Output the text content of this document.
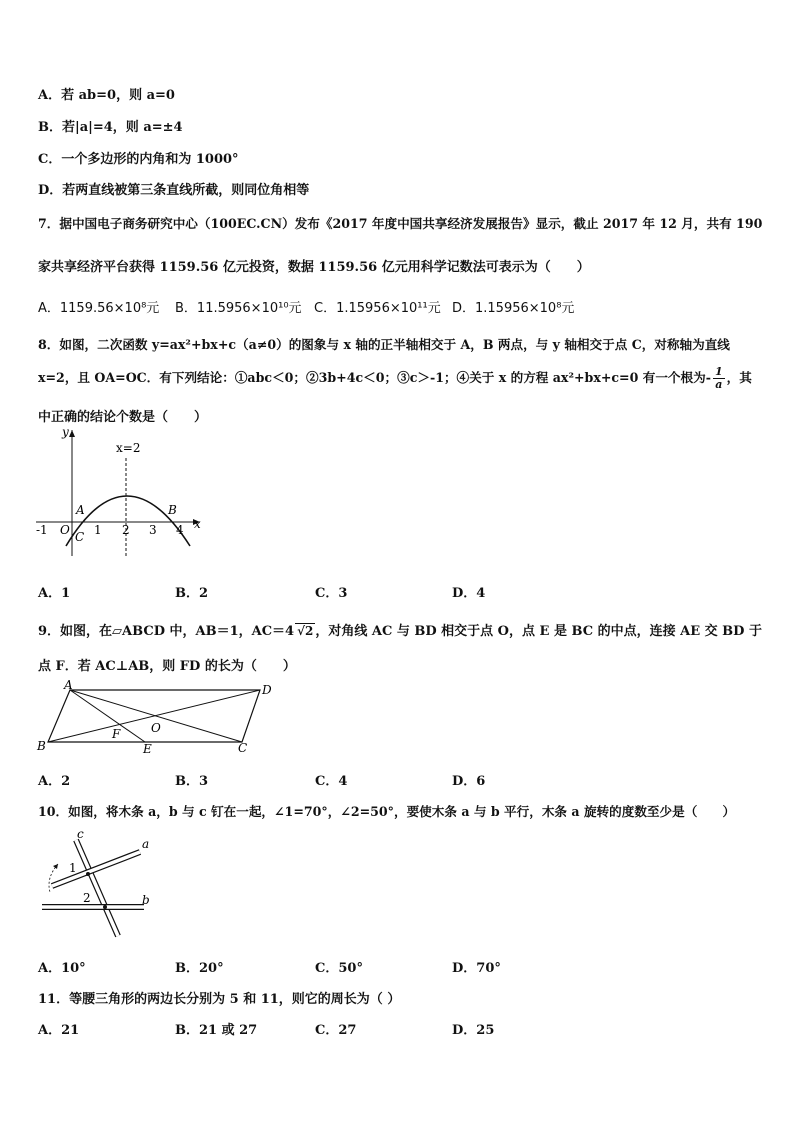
A．若 ab=0，则 a=0
B．若|a|=4，则 a=±4
C．一个多边形的内角和为 1000°
D．若两直线被第三条直线所截，则同位角相等
7．据中国电子商务研究中心（100EC.CN）发布《2017 年度中国共享经济发展报告》显示，截止 2017 年 12 月，共有 190
家共享经济平台获得 1159.56 亿元投资，数据 1159.56 亿元用科学记数法可表示为（　　）
A．1159.56×10⁸元 B．11.5956×10¹⁰元 C．1.15956×10¹¹元 D．1.15956×10⁸元
8．如图，二次函数 y=ax²+bx+c（a≠0）的图象与 x 轴的正半轴相交于 A，B 两点，与 y 轴相交于点 C，对称轴为直线
x=2，且 OA=OC．有下列结论：①abc＜0；②3b+4c＜0；③c＞-1；④关于 x 的方程 ax²+bx+c=0 有一个根为- $\frac{1}{a}$ ，其
中正确的结论个数是（　　）
y
x
x=2
-1 O 1 2 3 4
A	B
C
A．1	B．2	C．3	D．4
9．如图，在▱ABCD 中，AB＝1，AC＝4 √2 ，对角线 AC 与 BD 相交于点 O，点 E 是 BC 的中点，连接 AE 交 BD 于
点 F．若 AC⊥AB，则 FD 的长为（　　）
A	D
B	C
O
F
E
A．2	B．3	C．4	D．6
10．如图，将木条 a，b 与 c 钉在一起，∠1=70°，∠2=50°，要使木条 a 与 b 平行，木条 a 旋转的度数至少是（　　）
c
a
b
1
2
A．10°	B．20°	C．50°	D．70°
11．等腰三角形的两边长分别为 5 和 11，则它的周长为（ ）
A．21	B．21 或 27	C．27	D．25
